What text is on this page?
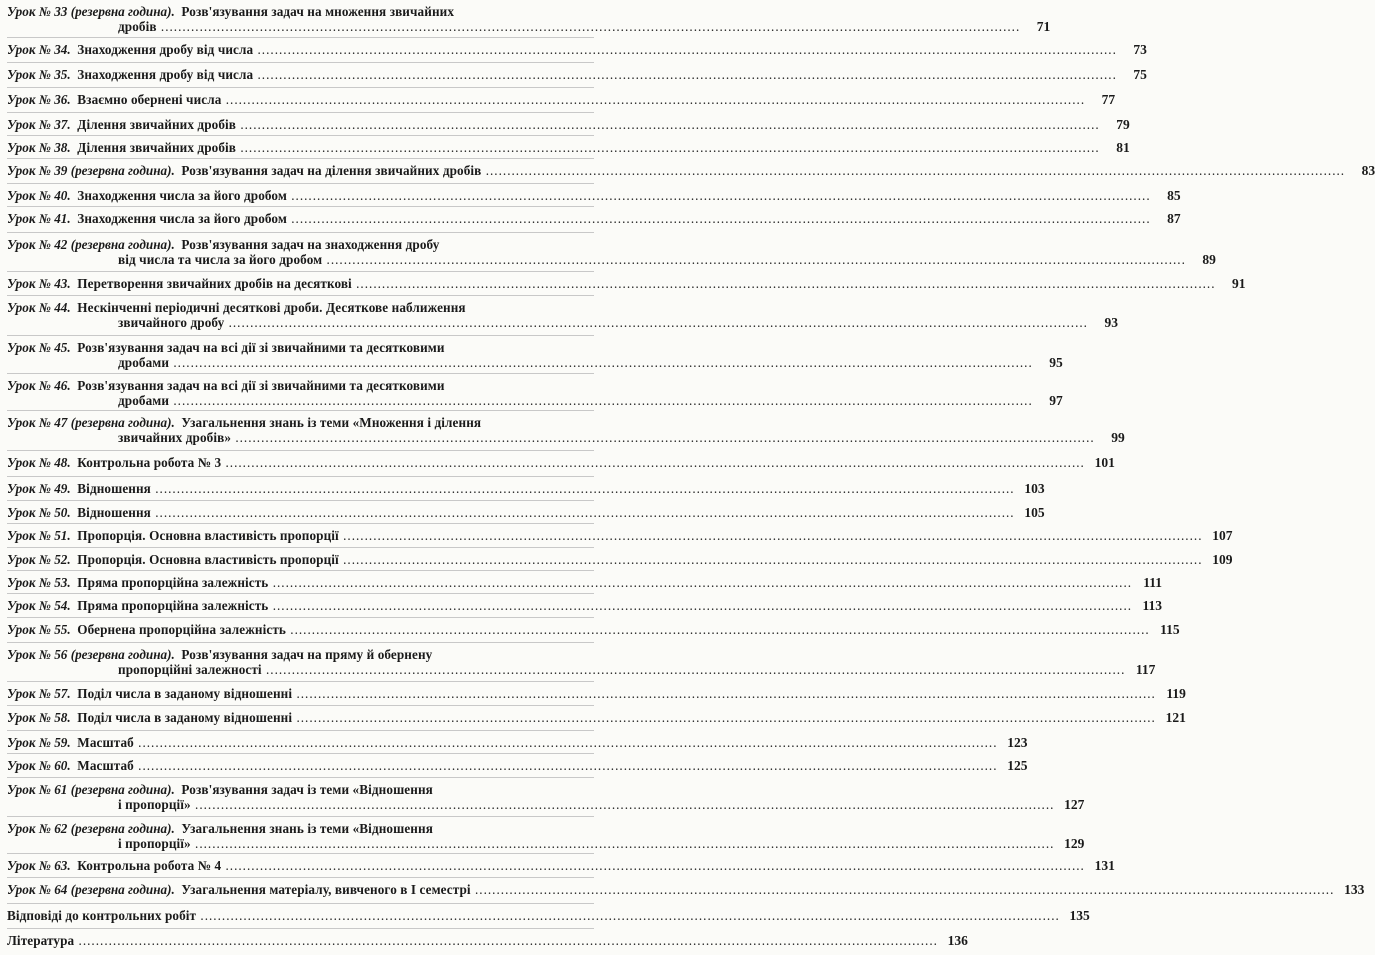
Урок № 33 (резервна година). Розв'язування задач на множення звичайних
дробів ........................................................................................................................................................................................................	71
Урок № 34. Знаходження дробу від числа ........................................................................................................................................................................................................	73
Урок № 35. Знаходження дробу від числа ........................................................................................................................................................................................................	75
Урок № 36. Взаємно обернені числа ........................................................................................................................................................................................................	77
Урок № 37. Ділення звичайних дробів ........................................................................................................................................................................................................	79
Урок № 38. Ділення звичайних дробів ........................................................................................................................................................................................................	81
Урок № 39 (резервна година). Розв'язування задач на ділення звичайних дробів ........................................................................................................................................................................................................	83
Урок № 40. Знаходження числа за його дробом ........................................................................................................................................................................................................	85
Урок № 41. Знаходження числа за його дробом ........................................................................................................................................................................................................	87
Урок № 42 (резервна година). Розв'язування задач на знаходження дробу
від числа та числа за його дробом ........................................................................................................................................................................................................	89
Урок № 43. Перетворення звичайних дробів на десяткові ........................................................................................................................................................................................................	91
Урок № 44. Нескінченні періодичні десяткові дроби. Десяткове наближення
звичайного дробу ........................................................................................................................................................................................................	93
Урок № 45. Розв'язування задач на всі дії зі звичайними та десятковими
дробами ........................................................................................................................................................................................................	95
Урок № 46. Розв'язування задач на всі дії зі звичайними та десятковими
дробами ........................................................................................................................................................................................................	97
Урок № 47 (резервна година). Узагальнення знань із теми «Множення і ділення
звичайних дробів» ........................................................................................................................................................................................................	99
Урок № 48. Контрольна робота № 3 ........................................................................................................................................................................................................ 101
Урок № 49. Відношення ........................................................................................................................................................................................................ 103
Урок № 50. Відношення ........................................................................................................................................................................................................ 105
Урок № 51. Пропорція. Основна властивість пропорції ........................................................................................................................................................................................................ 107
Урок № 52. Пропорція. Основна властивість пропорції ........................................................................................................................................................................................................ 109
Урок № 53. Пряма пропорційна залежність ........................................................................................................................................................................................................ 111
Урок № 54. Пряма пропорційна залежність ........................................................................................................................................................................................................ 113
Урок № 55. Обернена пропорційна залежність ........................................................................................................................................................................................................ 115
Урок № 56 (резервна година). Розв'язування задач на пряму й обернену
пропорційні залежності ........................................................................................................................................................................................................ 117
Урок № 57. Поділ числа в заданому відношенні ........................................................................................................................................................................................................ 119
Урок № 58. Поділ числа в заданому відношенні ........................................................................................................................................................................................................ 121
Урок № 59. Масштаб ........................................................................................................................................................................................................ 123
Урок № 60. Масштаб ........................................................................................................................................................................................................ 125
Урок № 61 (резервна година). Розв'язування задач із теми «Відношення
і пропорції» ........................................................................................................................................................................................................ 127
Урок № 62 (резервна година). Узагальнення знань із теми «Відношення
і пропорції» ........................................................................................................................................................................................................ 129
Урок № 63. Контрольна робота № 4 ........................................................................................................................................................................................................ 131
Урок № 64 (резервна година). Узагальнення матеріалу, вивченого в І семестрі ........................................................................................................................................................................................................ 133
Відповіді до контрольних робіт ........................................................................................................................................................................................................ 135
Література ........................................................................................................................................................................................................ 136
